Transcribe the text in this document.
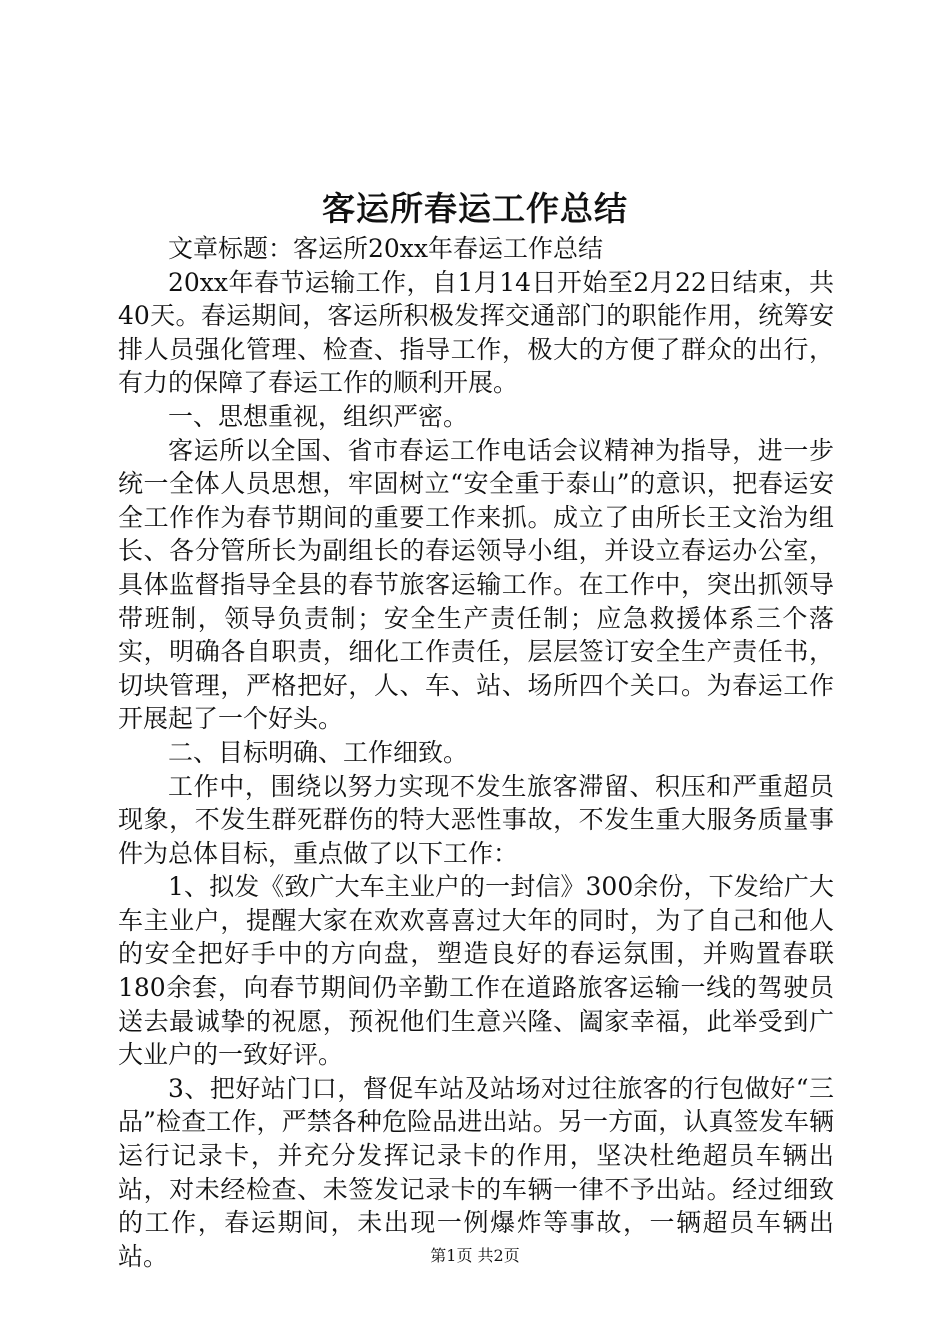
客运所春运工作总结

文章标题：客运所20xx年春运工作总结

20xx年春节运输工作，自1月14日开始至2月22日结束，共40天。春运期间，客运所积极发挥交通部门的职能作用，统筹安排人员强化管理、检查、指导工作，极大的方便了群众的出行，有力的保障了春运工作的顺利开展。

一、思想重视，组织严密。

客运所以全国、省市春运工作电话会议精神为指导，进一步统一全体人员思想，牢固树立“安全重于泰山”的意识，把春运安全工作作为春节期间的重要工作来抓。成立了由所长王文治为组长、各分管所长为副组长的春运领导小组，并设立春运办公室，具体监督指导全县的春节旅客运输工作。在工作中，突出抓领导带班制，领导负责制；安全生产责任制；应急救援体系三个落实，明确各自职责，细化工作责任，层层签订安全生产责任书，切块管理，严格把好，人、车、站、场所四个关口。为春运工作开展起了一个好头。

二、目标明确、工作细致。

工作中，围绕以努力实现不发生旅客滞留、积压和严重超员现象，不发生群死群伤的特大恶性事故，不发生重大服务质量事件为总体目标，重点做了以下工作：

1、拟发《致广大车主业户的一封信》300余份，下发给广大车主业户，提醒大家在欢欢喜喜过大年的同时，为了自己和他人的安全把好手中的方向盘，塑造良好的春运氛围，并购置春联180余套，向春节期间仍辛勤工作在道路旅客运输一线的驾驶员送去最诚挚的祝愿，预祝他们生意兴隆、阖家幸福，此举受到广大业户的一致好评。

3、把好站门口，督促车站及站场对过往旅客的行包做好“三品”检查工作，严禁各种危险品进出站。另一方面，认真签发车辆运行记录卡，并充分发挥记录卡的作用，坚决杜绝超员车辆出站，对未经检查、未签发记录卡的车辆一律不予出站。经过细致的工作，春运期间，未出现一例爆炸等事故，一辆超员车辆出站。	第1页 共2页
